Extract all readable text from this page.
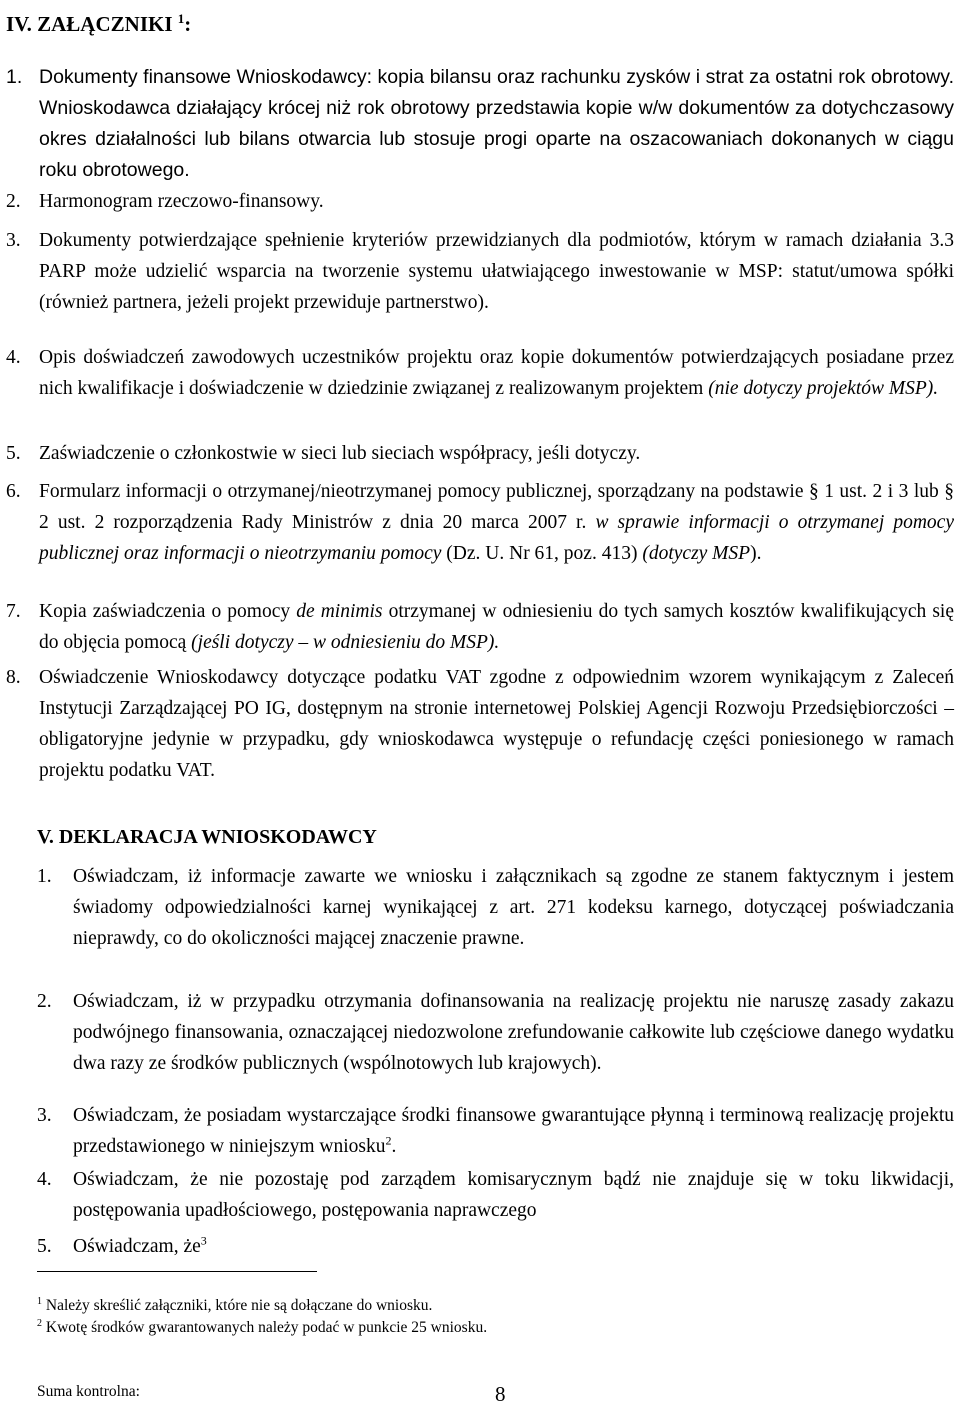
IV. ZAŁĄCZNIKI $^1$:
1. Dokumenty finansowe Wnioskodawcy: kopia bilansu oraz rachunku zysków i strat za ostatni rok obrotowy. Wnioskodawca działający krócej niż rok obrotowy przedstawia kopie w/w dokumentów za dotychczasowy okres działalności lub bilans otwarcia lub stosuje progi oparte na oszacowaniach dokonanych w ciągu roku obrotowego.
2. Harmonogram rzeczowo-finansowy.
3. Dokumenty potwierdzające spełnienie kryteriów przewidzianych dla podmiotów, którym w ramach działania 3.3 PARP może udzielić wsparcia na tworzenie systemu ułatwiającego inwestowanie w MSP: statut/umowa spółki (również partnera, jeżeli projekt przewiduje partnerstwo).
4. Opis doświadczeń zawodowych uczestników projektu oraz kopie dokumentów potwierdzających posiadane przez nich kwalifikacje i doświadczenie w dziedzinie związanej z realizowanym projektem (nie dotyczy projektów MSP).
5. Zaświadczenie o członkostwie w sieci lub sieciach współpracy, jeśli dotyczy.
6. Formularz informacji o otrzymanej/nieotrzymanej pomocy publicznej, sporządzany na podstawie § 1 ust. 2 i 3 lub § 2 ust. 2 rozporządzenia Rady Ministrów z dnia 20 marca 2007 r. w sprawie informacji o otrzymanej pomocy publicznej oraz informacji o nieotrzymaniu pomocy (Dz. U. Nr 61, poz. 413) (dotyczy MSP).
7. Kopia zaświadczenia o pomocy de minimis otrzymanej w odniesieniu do tych samych kosztów kwalifikujących się do objęcia pomocą (jeśli dotyczy – w odniesieniu do MSP).
8. Oświadczenie Wnioskodawcy dotyczące podatku VAT zgodne z odpowiednim wzorem wynikającym z Zaleceń Instytucji Zarządzającej PO IG, dostępnym na stronie internetowej Polskiej Agencji Rozwoju Przedsiębiorczości – obligatoryjne jedynie w przypadku, gdy wnioskodawca występuje o refundację części poniesionego w ramach projektu podatku VAT.
V. DEKLARACJA WNIOSKODAWCY
1. Oświadczam, iż informacje zawarte we wniosku i załącznikach są zgodne ze stanem faktycznym i jestem świadomy odpowiedzialności karnej wynikającej z art. 271 kodeksu karnego, dotyczącej poświadczania nieprawdy, co do okoliczności mającej znaczenie prawne.
2. Oświadczam, iż w przypadku otrzymania dofinansowania na realizację projektu nie naruszę zasady zakazu podwójnego finansowania, oznaczającej niedozwolone zrefundowanie całkowite lub częściowe danego wydatku dwa razy ze środków publicznych (wspólnotowych lub krajowych).
3. Oświadczam, że posiadam wystarczające środki finansowe gwarantujące płynną i terminową realizację projektu przedstawionego w niniejszym wniosku$^2$.
4. Oświadczam, że nie pozostaję pod zarządem komisarycznym bądź nie znajduje się w toku likwidacji, postępowania upadłościowego, postępowania naprawczego
5. Oświadczam, $że^3$
$^1$ Należy skreślić załączniki, które nie są dołączane do wniosku.
$^2$ Kwotę środków gwarantowanych należy podać w punkcie 25 wniosku.
Suma kontrolna:	8
